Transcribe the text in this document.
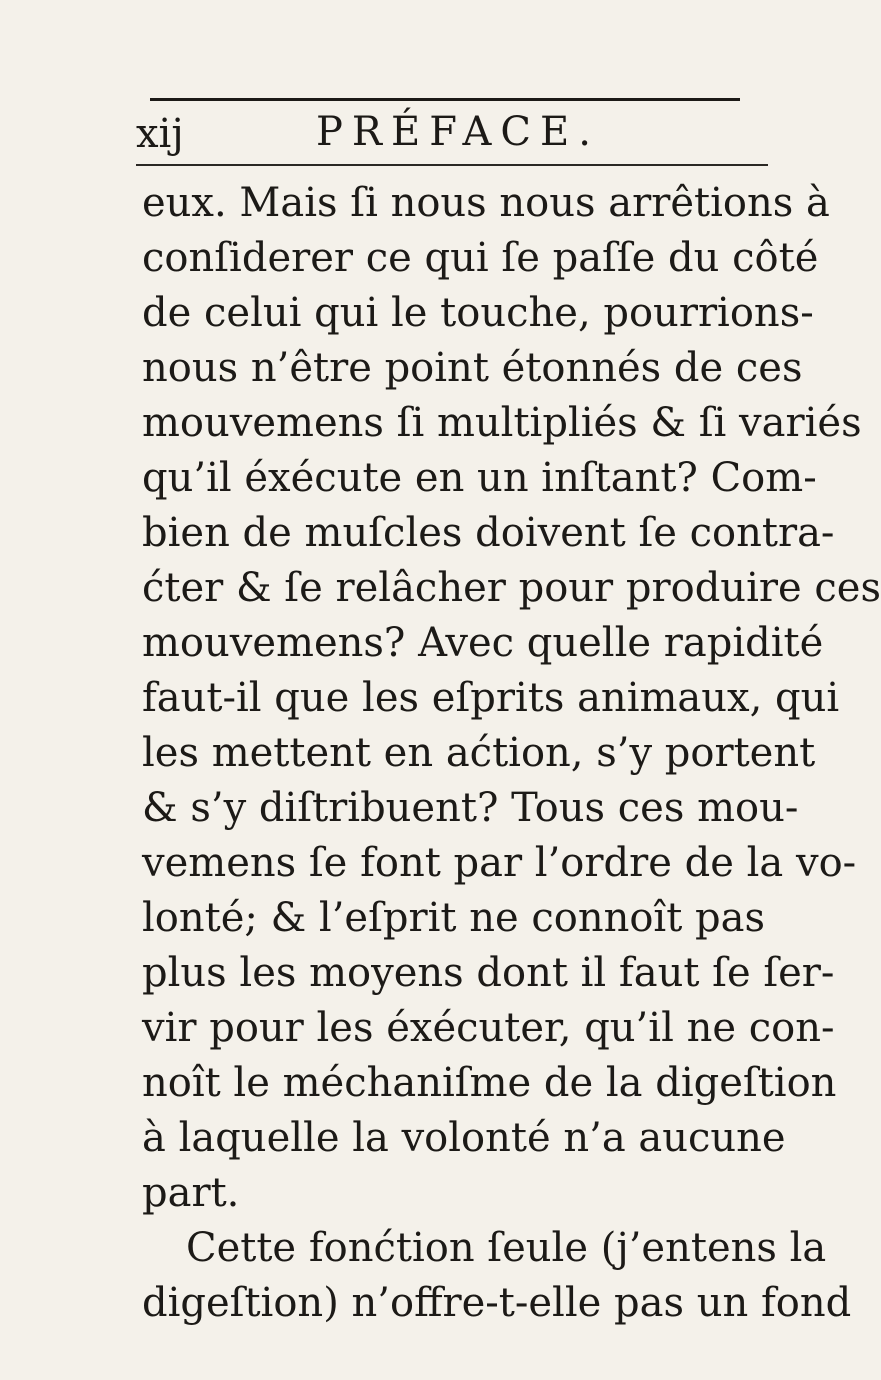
xij	PRÉFACE.
eux. Mais ſi nous nous arrêtions à
conſiderer ce qui ſe paſſe du côté
de celui qui le touche, pourrions-
nous n’être point étonnés de ces
mouvemens ſi multipliés & ſi variés
qu’il éxécute en un inſtant? Com-
bien de muſcles doivent ſe contra-
ćter & ſe relâcher pour produire ces
mouvemens? Avec quelle rapidité
faut-il que les eſprits animaux, qui
les mettent en aćtion, s’y portent
& s’y diſtribuent? Tous ces mou-
vemens ſe font par l’ordre de la vo-
lonté; & l’eſprit ne connoît pas
plus les moyens dont il faut ſe ſer-
vir pour les éxécuter, qu’il ne con-
noît le méchaniſme de la digeſtion
à laquelle la volonté n’a aucune
part.
Cette fonćtion ſeule (j’entens la
digeſtion) n’offre-t-elle pas un fond
